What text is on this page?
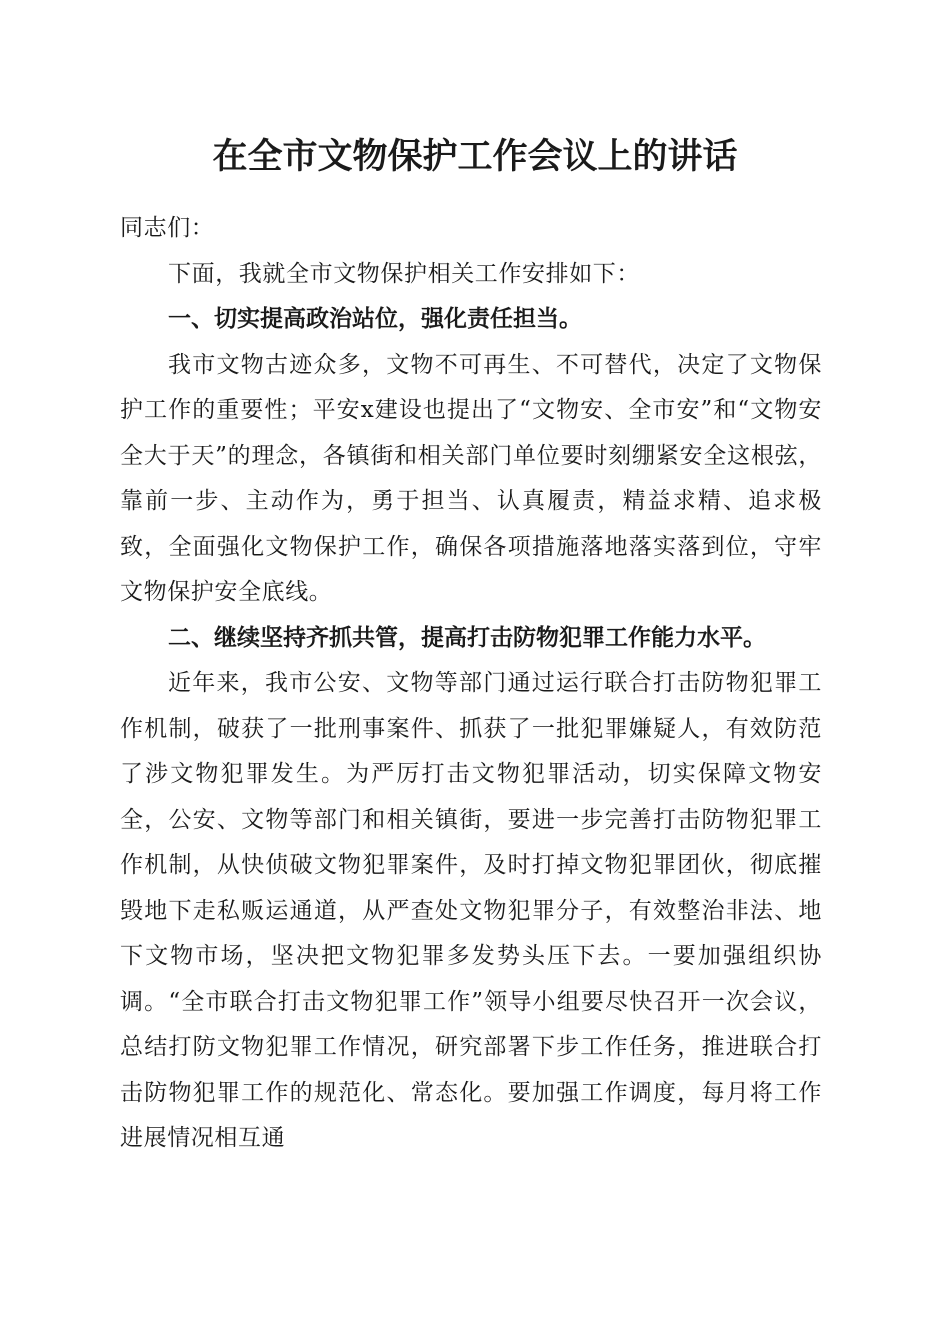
在全市文物保护工作会议上的讲话

同志们：

下面，我就全市文物保护相关工作安排如下：

一、切实提高政治站位，强化责任担当。

我市文物古迹众多，文物不可再生、不可替代，决定了文物保护工作的重要性；平安x建设也提出了“文物安、全市安”和“文物安全大于天”的理念，各镇街和相关部门单位要时刻绷紧安全这根弦，靠前一步、主动作为，勇于担当、认真履责，精益求精、追求极致，全面强化文物保护工作，确保各项措施落地落实落到位，守牢文物保护安全底线。

二、继续坚持齐抓共管，提高打击防物犯罪工作能力水平。

近年来，我市公安、文物等部门通过运行联合打击防物犯罪工作机制，破获了一批刑事案件、抓获了一批犯罪嫌疑人，有效防范了涉文物犯罪发生。为严厉打击文物犯罪活动，切实保障文物安全，公安、文物等部门和相关镇街，要进一步完善打击防物犯罪工作机制，从快侦破文物犯罪案件，及时打掉文物犯罪团伙，彻底摧毁地下走私贩运通道，从严查处文物犯罪分子，有效整治非法、地下文物市场，坚决把文物犯罪多发势头压下去。一要加强组织协调。“全市联合打击文物犯罪工作”领导小组要尽快召开一次会议，总结打防文物犯罪工作情况，研究部署下步工作任务，推进联合打击防物犯罪工作的规范化、常态化。要加强工作调度，每月将工作进展情况相互通
